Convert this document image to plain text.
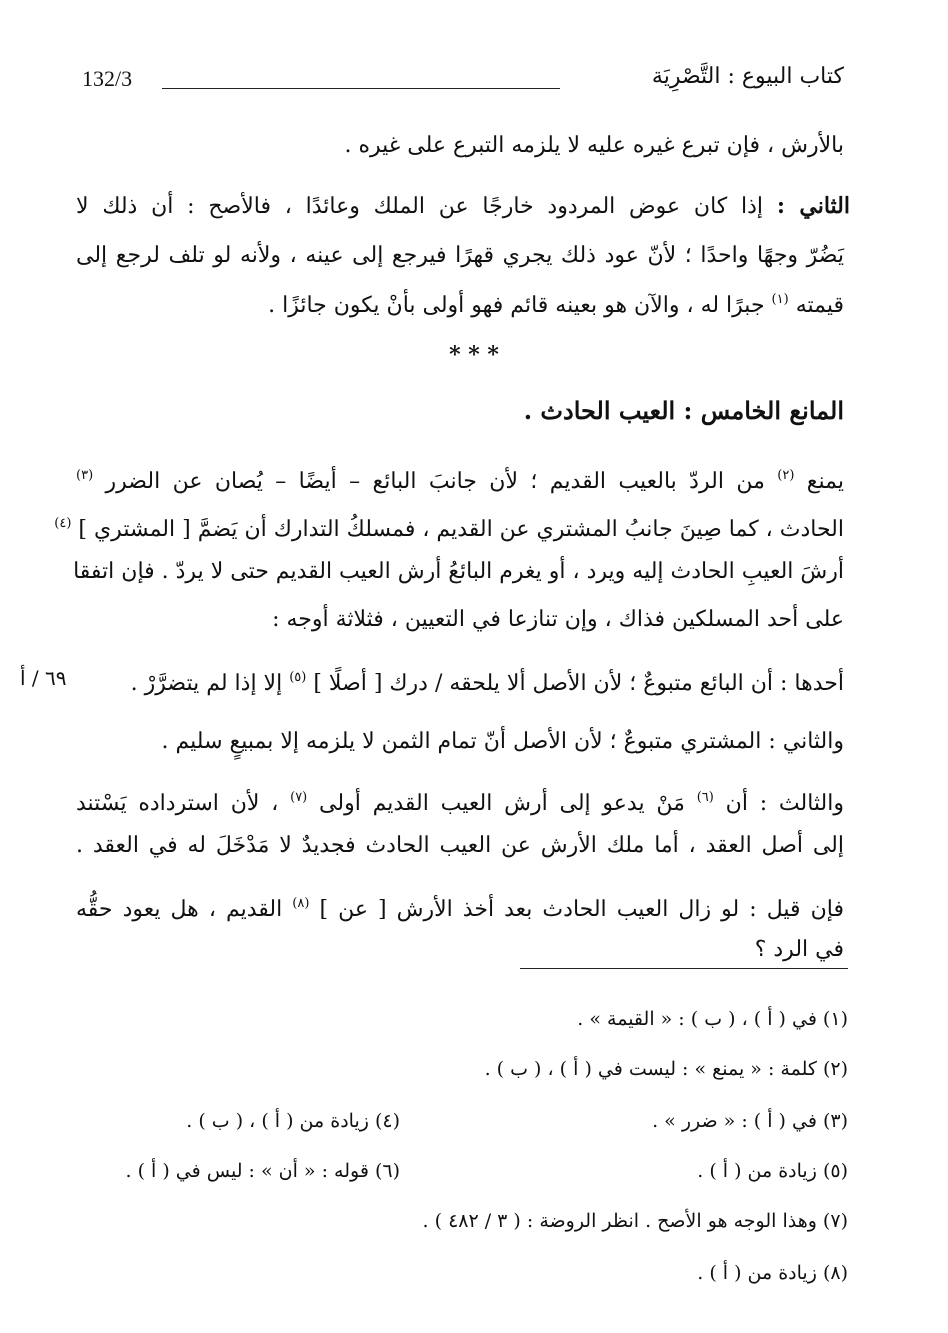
132/3	كتاب البيوع : التَّصْرِيَة
بالأرش ، فإن تبرع غيره عليه لا يلزمه التبرع على غيره .
الثاني : إذا كان عوض المردود خارجًا عن الملك وعائدًا ، فالأصح : أن ذلك لا
يَضُرّ وجهًا واحدًا ؛ لأنّ عود ذلك يجري قهرًا فيرجع إلى عينه ، ولأنه لو تلف لرجع إلى
قيمته $^{(١)}$ جبرًا له ، والآن هو بعينه قائم فهو أولى بأنْ يكون جائزًا .
* * *
المانع الخامس : العيب الحادث .
يمنع $^{(٢)}$ من الردّ بالعيب القديم ؛ لأن جانبَ البائع – أيضًا – يُصان عن الضرر $^{(٣)}$
الحادث ، كما صِينَ جانبُ المشتري عن القديم ، فمسلكُ التدارك أن يَضمَّ [ المشتري ] $^{(٤)}$
أرشَ العيبِ الحادث إليه ويرد ، أو يغرم البائعُ أرش العيب القديم حتى لا يردّ . فإن اتفقا
على أحد المسلكين فذاك ، وإن تنازعا في التعيين ، فثلاثة أوجه :
أحدها : أن البائع متبوعٌ ؛ لأن الأصل ألا يلحقه / درك [ أصلًا ] $^{(٥)}$ إلا إذا لم يتضرَّرْ .
٦٩ / أ
والثاني : المشتري متبوعٌ ؛ لأن الأصل أنّ تمام الثمن لا يلزمه إلا بمبيعٍ سليم .
والثالث : أن $^{(٦)}$ مَنْ يدعو إلى أرش العيب القديم أولى $^{(٧)}$ ، لأن استرداده يَسْتند
إلى أصل العقد ، أما ملك الأرش عن العيب الحادث فجديدٌ لا مَدْخَلَ له في العقد .
فإن قيل : لو زال العيب الحادث بعد أخذ الأرش [ عن ] $^{(٨)}$ القديم ، هل يعود حقُّه
في الرد ؟
(١) في ( أ ) ، ( ب ) : « القيمة » .
(٢) كلمة : « يمنع » : ليست في ( أ ) ، ( ب ) .
(٣) في ( أ ) : « ضرر » .
(٤) زيادة من ( أ ) ، ( ب ) .
(٥) زيادة من ( أ ) .
(٦) قوله : « أن » : ليس في ( أ ) .
(٧) وهذا الوجه هو الأصح . انظر الروضة : ( ٣ / ٤٨٢ ) .
(٨) زيادة من ( أ ) .
